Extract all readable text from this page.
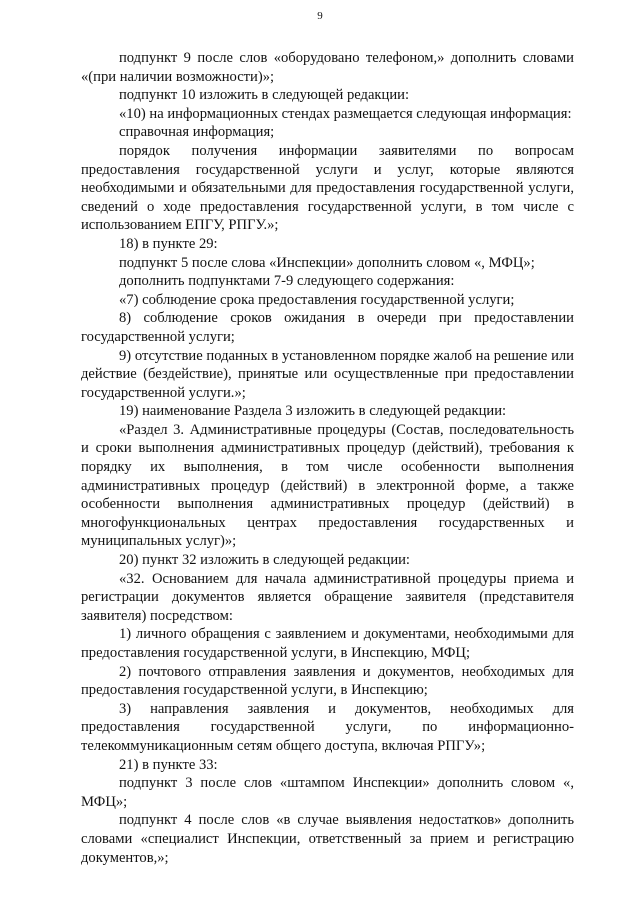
9

подпункт 9 после слов «оборудовано телефоном,» дополнить словами «(при наличии возможности)»;

подпункт 10 изложить в следующей редакции:

«10) на информационных стендах размещается следующая информация:

справочная информация;

порядок получения информации заявителями по вопросам предоставления государственной услуги и услуг, которые являются необходимыми и обязательными для предоставления государственной услуги, сведений о ходе предоставления государственной услуги, в том числе с использованием ЕПГУ, РПГУ.»;

18) в пункте 29:

подпункт 5 после слова «Инспекции» дополнить словом «, МФЦ»;

дополнить подпунктами 7-9 следующего содержания:

«7) соблюдение срока предоставления государственной услуги;

8) соблюдение сроков ожидания в очереди при предоставлении государственной услуги;

9) отсутствие поданных в установленном порядке жалоб на решение или действие (бездействие), принятые или осуществленные при предоставлении государственной услуги.»;

19) наименование Раздела 3 изложить в следующей редакции:

«Раздел 3. Административные процедуры (Состав, последовательность и сроки выполнения административных процедур (действий), требования к порядку их выполнения, в том числе особенности выполнения административных процедур (действий) в электронной форме, а также особенности выполнения административных процедур (действий) в многофункциональных центрах предоставления государственных и муниципальных услуг)»;

20) пункт 32 изложить в следующей редакции:

«32. Основанием для начала административной процедуры приема и регистрации документов является обращение заявителя (представителя заявителя) посредством:

1) личного обращения с заявлением и документами, необходимыми для предоставления государственной услуги, в Инспекцию, МФЦ;

2) почтового отправления заявления и документов, необходимых для предоставления государственной услуги, в Инспекцию;

3) направления заявления и документов, необходимых для предоставления государственной услуги, по информационно-телекоммуникационным сетям общего доступа, включая РПГУ»;

21) в пункте 33:

подпункт 3 после слов «штампом Инспекции» дополнить словом «, МФЦ»;

подпункт 4 после слов «в случае выявления недостатков» дополнить словами «специалист Инспекции, ответственный за прием и регистрацию документов,»;
